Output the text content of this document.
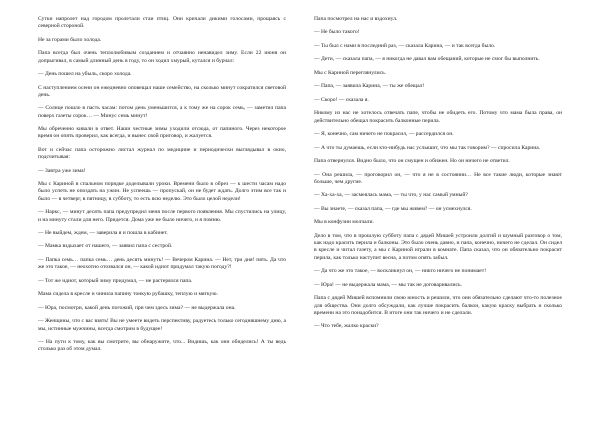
Сутки напролет над городом пролетали стаи птиц. Они кричали дикими голосами, прощаясь с северной стороной.

Не за горами было холода.

Папа всегда был очень теплолюбивым созданием и отчаянно ненавидел зиму. Если 22 июня он допрыгивал, в самый длинный день в году, то он ходил хмурый, кутался и бурчал:

— День пошел на убыль, скоро холода.

С наступлением осени он ежедневно оповещал наше семейство, на сколько минут сократился световой день.

— Солнце пошло в пасть часам: потом день уменьшится, а к тому же на сорок семь, — заметил папа поверх газеты сорок… — Минус семь минут!

Мы обреченно кивали в ответ. Наши честные зимы уходили отсюда, от папиного. Через некоторое время он опять проверил, как всегда, и вынес свой приговор, и жалуется.

Вот и сейчас папа осторожно листал журнал по медицине и периодически выглядывал в окно, подсчитывая:

— Завтра уже зима!

Мы с Кариной в спальном порядке доделывали уроки. Времени было в обрез — к шести часам надо было успеть не опоздать на ужин. Не успеешь — пропускай, он не будет ждать. Долго этим все так и было — в четверг, в пятницу, в субботу, то есть всю неделю. Это было целой недели!

— Наркс, — минут десять папа предупредил меня после первого появления. Мы спустились на улицу, и на минуту стали для него. Придется. Дома уже не было ничего, и я помню.

— Не выйдем, ждем, — заверила я и пошла в кабинет.

— Мамка вздыхает от нашего, — заявил папа с сестрой.

— Папка семь… папка семь… день десять минуть! — Вечером Карина. — Нет, три дня! пять. Да что же это такое, — неохотно отозвался он, — какой идиот придумал такую погоду?!

— Тот же идиот, который зиму придумал, — не растерялся папа.

Мама сидела в кресле и чинила папину тонкую рубашку, теплую и мягкую.

— Юра, посмотри, какой день погожий, при чем здесь зима? — не выдержала она.

— Женщины, что с вас взять! Вы не умеете видеть перспективу, радуетесь только сегодняшнему дню, а мы, истинные мужчины, всегда смотрим в будущее!

— На пути к тому, как вы смотрите, вы обнаружите, что... Видишь, как они обиделись! А ты ведь столько раз об этом думал.

Папа посмотрел на нас и вздохнул.

— Не было такого!

— Ты был с нами в последний раз, — сказала Карина, — и так всегда было.

— Дети, — сказала папа, — я никогда не давал вам обещаний, которые не смог бы выполнить.

Мы с Кариной переглянулись.

— Папа, — заявила Карина, — ты же обещал!

— Скоро! — сказала я.

Никому из нас не хотелось отвечать папе, чтобы не обидеть его. Потому что мама была права, он действительно обещал покрасить балконные перила.

— Я, конечно, сам ничего не покрасил, — рассердился он.

— А что ты думаешь, если кто-нибудь нас услышит, что мы так говорим? — спросила Карина.

Папа отвернулся. Видно было, что он смущен и обижен. Но он ничего не ответил.

— Она решила, — проговорил он, — что я не в состоянии… Не все такие люди, которые знают больше, чем другие.

— Ха-ха-ха, — засмеялась мама, — ты что, у нас самый умный?

— Вы знаете, — сказал папа, — где мы живем? — он усмехнулся.

Мы в конфузии молчали.

Дело в том, что в прошлую субботу папа с дядей Мишей устроили долгий и шумный разговор о том, как надо красить перила и балконы. Это было очень давно, и папа, конечно, ничего не сделал. Он сидел в кресле и читал газету, а мы с Кариной играли в комнате. Папа сказал, что он обязательно покрасит перила, как только наступит весна, а потом опять забыл.

— Да что же это такое, — воскликнул он, — никто ничего не понимает!

— Юра! — не выдержала мама, — мы так не договаривались.

Папа с дядей Мишей вспомнили свою юность и решили, что они обязательно сделают что-то полезное для общества. Они долго обсуждали, как лучше покрасить балкон, какую краску выбрать и сколько времени на это понадобится. В итоге они так ничего и не сделали.

— Что тебе, жалко краски?
